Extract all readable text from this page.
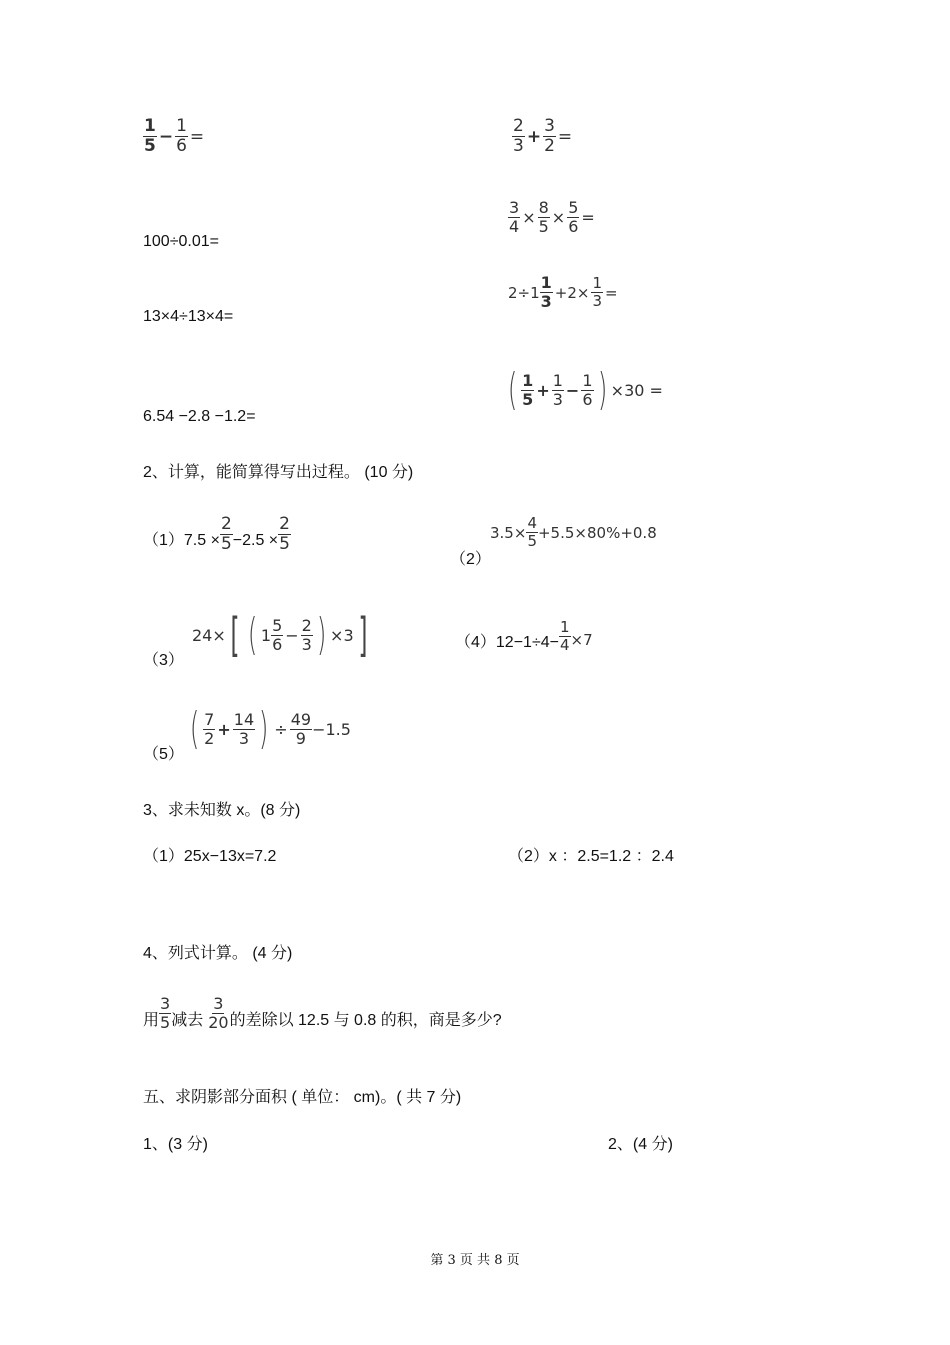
$\frac{1}{5} - \frac{1}{6}$ =
100÷0.01=
13×4÷13×4=
6.54 −2.8 −1.2=
$\frac{2}{3} + \frac{3}{2}$ =
$\frac{3}{4} \times \frac{8}{5} \times \frac{5}{6}$ =
$2\div 1 \frac{1}{3} +2\times \frac{1}{3}$ =
( $\frac{1}{5} + \frac{1}{3} - \frac{1}{6}$ ) ×30 =
2、计算，能简算得写出过程。 (10 分)
$(1)7.5 \times \frac{2}{5} -2.5 \times \frac{2}{5}$
（2）
$3.5\times \frac{4}{5} +5.5\times 80\%+0.8$
（3）
24× [ ( $1 \frac{5}{6} - \frac{2}{3}$ ) ×3 ]	$(4)12-1\div 4- \frac{1}{4} \times 7$
（5）
( $\frac{7}{2} + \frac{14}{3}$ ) ÷ $\frac{49}{9} -1.5$
3、求未知数 x。(8 分)
（1）25x−13x=7.2	（2）x ：2.5=1.2 ：2.4
4、列式计算。 (4 分)
用 $\frac{3}{5}$ 减去 $\frac{3}{20}$ 的差除以 12.5 与 0.8 的积，商是多少?
五、求阴影部分面积 ( 单位： cm)。( 共 7 分)
1、(3 分)	2、(4 分)
第 3 页 共 8 页
